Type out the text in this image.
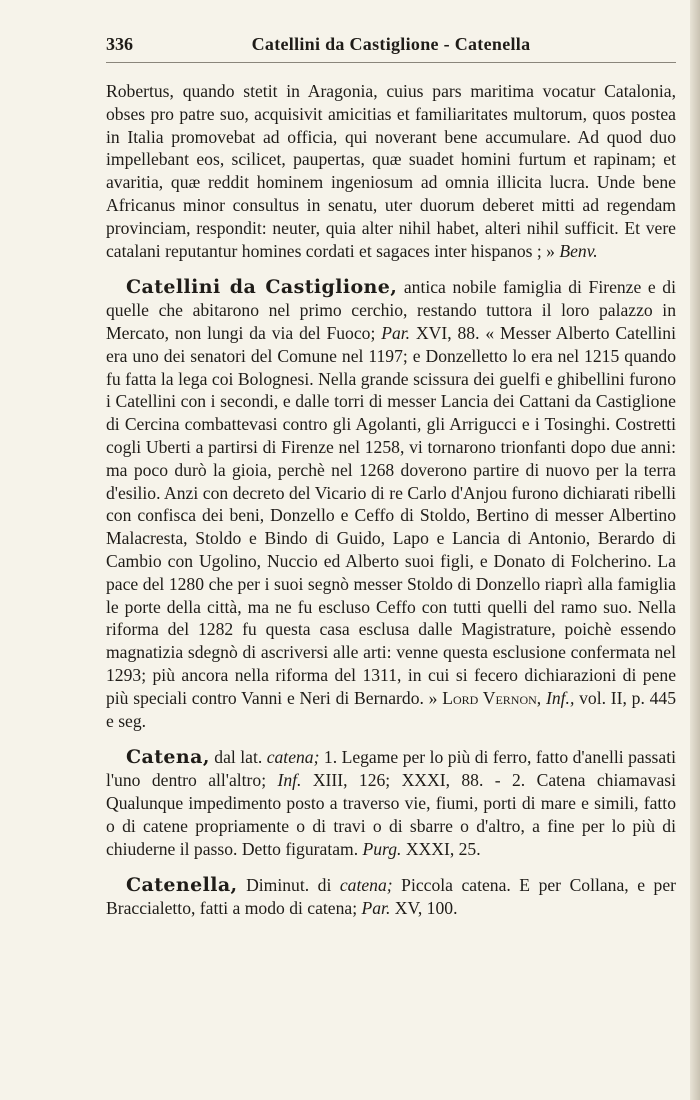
336	Catellini da Castiglione - Catenella

Robertus, quando stetit in Aragonia, cuius pars maritima vocatur Catalonia, obses pro patre suo, acquisivit amicitias et familiaritates multorum, quos postea in Italia promovebat ad officia, qui noverant bene accumulare. Ad quod duo impellebant eos, scilicet, paupertas, quæ suadet homini furtum et rapinam; et avaritia, quæ reddit hominem ingeniosum ad omnia illicita lucra. Unde bene Africanus minor consultus in senatu, uter duorum deberet mitti ad regendam provinciam, respondit: neuter, quia alter nihil habet, alteri nihil sufficit. Et vere catalani reputantur homines cordati et sagaces inter hispanos ; » Benv.

Catellini da Castiglione, antica nobile famiglia di Firenze e di quelle che abitarono nel primo cerchio, restando tuttora il loro palazzo in Mercato, non lungi da via del Fuoco; Par. XVI, 88. « Messer Alberto Catellini era uno dei senatori del Comune nel 1197; e Donzelletto lo era nel 1215 quando fu fatta la lega coi Bolognesi. Nella grande scissura dei guelfi e ghibellini furono i Catellini con i secondi, e dalle torri di messer Lancia dei Cattani da Castiglione di Cercina combattevasi contro gli Agolanti, gli Arrigucci e i Tosinghi. Costretti cogli Uberti a partirsi di Firenze nel 1258, vi tornarono trionfanti dopo due anni: ma poco durò la gioia, perchè nel 1268 doverono partire di nuovo per la terra d'esilio. Anzi con decreto del Vicario di re Carlo d'Anjou furono dichiarati ribelli con confisca dei beni, Donzello e Ceffo di Stoldo, Bertino di messer Albertino Malacresta, Stoldo e Bindo di Guido, Lapo e Lancia di Antonio, Berardo di Cambio con Ugolino, Nuccio ed Alberto suoi figli, e Donato di Folcherino. La pace del 1280 che per i suoi segnò messer Stoldo di Donzello riaprì alla famiglia le porte della città, ma ne fu escluso Ceffo con tutti quelli del ramo suo. Nella riforma del 1282 fu questa casa esclusa dalle Magistrature, poichè essendo magnatizia sdegnò di ascriversi alle arti: venne questa esclusione confermata nel 1293; più ancora nella riforma del 1311, in cui si fecero dichiarazioni di pene più speciali contro Vanni e Neri di Bernardo. » Lord Vernon, Inf., vol. II, p. 445 e seg.

Catena, dal lat. catena; 1. Legame per lo più di ferro, fatto d'anelli passati l'uno dentro all'altro; Inf. XIII, 126; XXXI, 88. - 2. Catena chiamavasi Qualunque impedimento posto a traverso vie, fiumi, porti di mare e simili, fatto o di catene propriamente o di travi o di sbarre o d'altro, a fine per lo più di chiuderne il passo. Detto figuratam. Purg. XXXI, 25.

Catenella, Diminut. di catena; Piccola catena. E per Collana, e per Braccialetto, fatti a modo di catena; Par. XV, 100.
